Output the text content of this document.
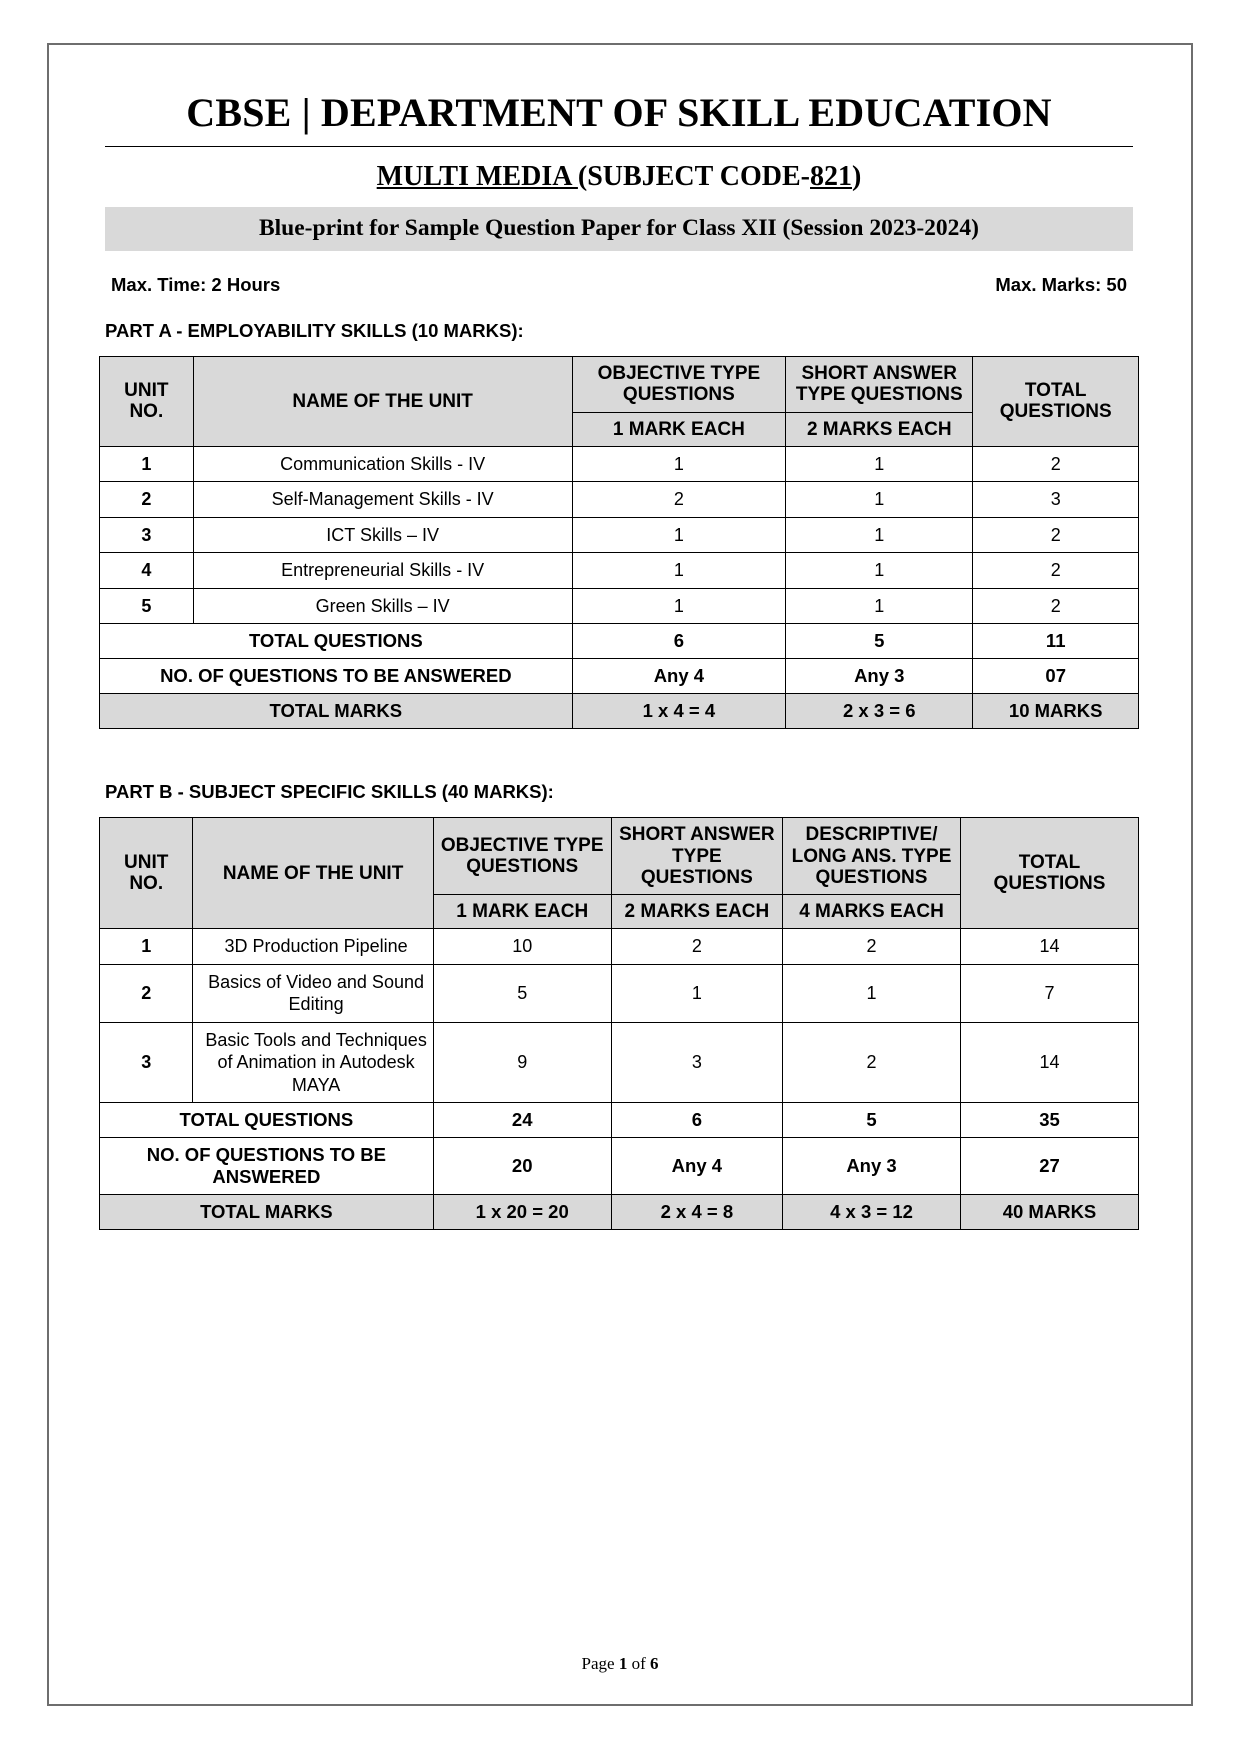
CBSE | DEPARTMENT OF SKILL EDUCATION
MULTI MEDIA (SUBJECT CODE-821)
Blue-print for Sample Question Paper for Class XII (Session 2023-2024)
Max. Time: 2 Hours	Max. Marks: 50
PART A - EMPLOYABILITY SKILLS (10 MARKS):
UNIT
NO.	NAME OF THE UNIT	OBJECTIVE TYPE QUESTIONS	SHORT ANSWER TYPE QUESTIONS	TOTAL QUESTIONS
		1 MARK EACH	2 MARKS EACH	
1	Communication Skills - IV	1	1	2
2	Self-Management Skills - IV	2	1	3
3	ICT Skills – IV	1	1	2
4	Entrepreneurial Skills - IV	1	1	2
5	Green Skills – IV	1	1	2
TOTAL QUESTIONS		6	5	11
NO. OF QUESTIONS TO BE ANSWERED		Any 4	Any 3	07
TOTAL MARKS		1 x 4 = 4	2 x 3 = 6	10 MARKS
PART B - SUBJECT SPECIFIC SKILLS (40 MARKS):
UNIT
NO.	NAME OF THE UNIT	OBJECTIVE TYPE QUESTIONS	SHORT ANSWER TYPE QUESTIONS	DESCRIPTIVE/ LONG ANS. TYPE QUESTIONS	TOTAL QUESTIONS
		1 MARK EACH	2 MARKS EACH	4 MARKS EACH	
1	3D Production Pipeline	10	2	2	14
2	Basics of Video and Sound Editing	5	1	1	7
3	Basic Tools and Techniques of Animation in Autodesk MAYA	9	3	2	14
TOTAL QUESTIONS		24	6	5	35
NO. OF QUESTIONS TO BE ANSWERED		20	Any 4	Any 3	27
TOTAL MARKS		1 x 20 = 20	2 x 4 = 8	4 x 3 = 12	40 MARKS
Page 1 of 6
